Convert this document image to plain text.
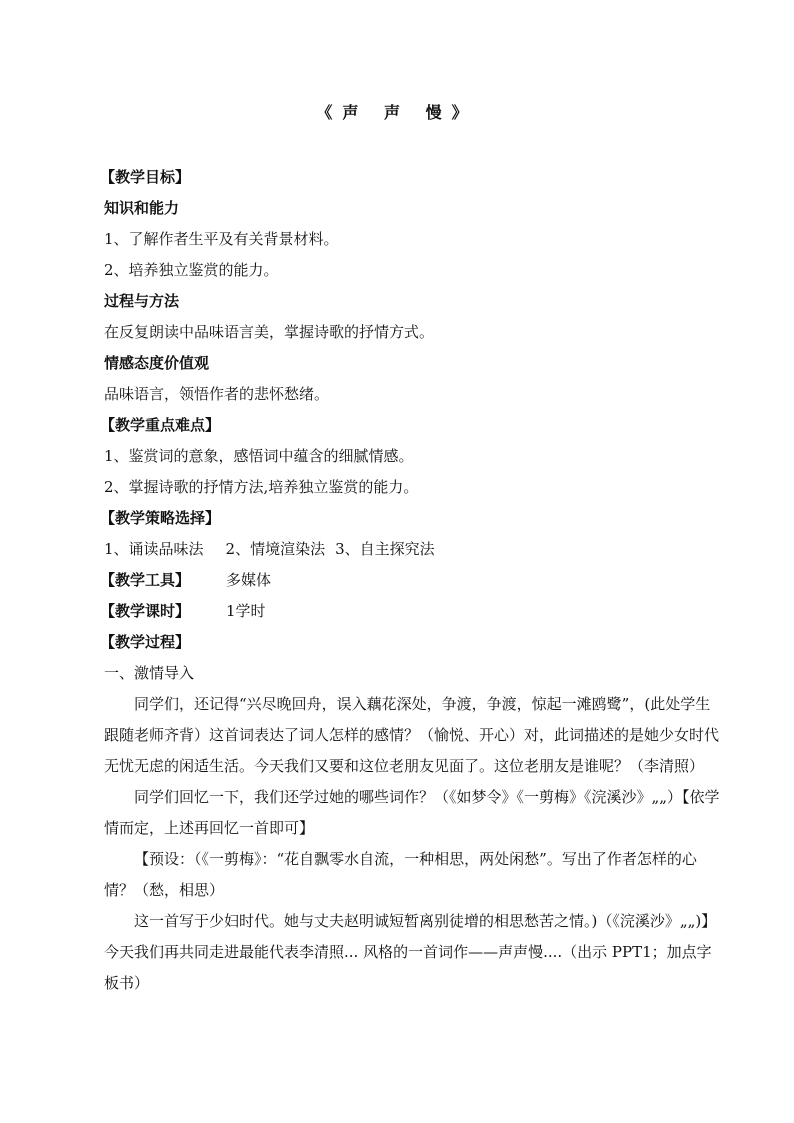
《声 声 慢》
【教学目标】
知识和能力
1、了解作者生平及有关背景材料。
2、培养独立鉴赏的能力。
过程与方法
在反复朗读中品味语言美，掌握诗歌的抒情方式。
情感态度价值观
品味语言，领悟作者的悲怀愁绪。
【教学重点难点】
1、鉴赏词的意象，感悟词中蕴含的细腻情感。
2、掌握诗歌的抒情方法,培养独立鉴赏的能力。
【教学策略选择】
1、诵读品味法 2、情境渲染法 3、自主探究法
【教学工具】 多媒体
【教学课时】 1学时
【教学过程】
一、激情导入

同学们，还记得“兴尽晚回舟，误入藕花深处，争渡，争渡，惊起一滩鸥鹭”，(此处学生跟随老师齐背）这首词表达了词人怎样的感情？（愉悦、开心）对，此词描述的是她少女时代无忧无虑的闲适生活。今天我们又要和这位老朋友见面了。这位老朋友是谁呢？（李清照）

同学们回忆一下，我们还学过她的哪些词作？（《如梦令》《一剪梅》《浣溪沙》„„）【依学情而定，上述再回忆一首即可】

【预设：（《一剪梅》：“花自飘零水自流，一种相思，两处闲愁”。写出了作者怎样的心情？（愁，相思）

这一首写于少妇时代。她与丈夫赵明诚短暂离别徒增的相思愁苦之情。)（《浣溪沙》„„)】今天我们再共同走进最能代表李清照... 风格的一首词作——声声慢....（出示 PPT1；加点字板书）
